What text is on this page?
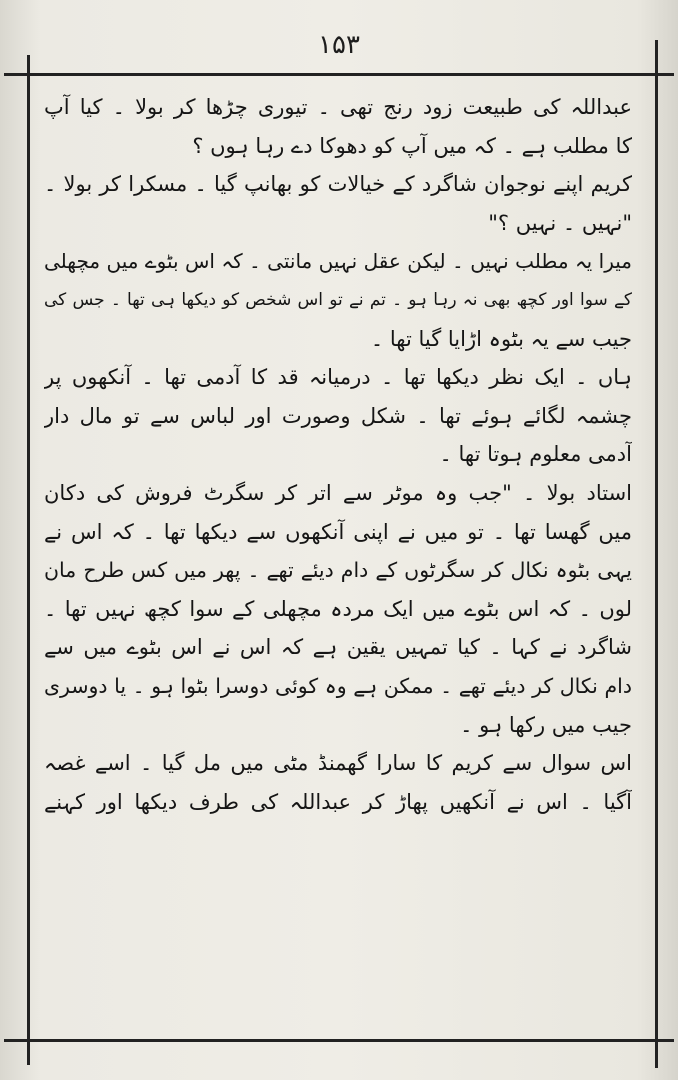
۱۵۳
عبداللہ کی طبیعت زود رنج تھی ۔ تیوری چڑھا کر بولا ۔ کیا آپ
کا مطلب ہے ۔ کہ میں آپ کو دھوکا دے رہا ہوں ؟
کریم اپنے نوجوان شاگرد کے خیالات کو بھانپ گیا ۔ مسکرا کر بولا ۔
"نہیں ۔ نہیں ؟"
میرا یہ مطلب نہیں ۔ لیکن عقل نہیں مانتی ۔ کہ اس بٹوے میں مچھلی
کے سوا اور کچھ بھی نہ رہا ہو ۔ تم نے تو اس شخص کو دیکھا ہی تھا ۔ جس کی
جیب سے یہ بٹوہ اڑایا گیا تھا ۔
ہاں ۔ ایک نظر دیکھا تھا ۔ درمیانہ قد کا آدمی تھا ۔ آنکھوں پر
چشمہ لگائے ہوئے تھا ۔ شکل وصورت اور لباس سے تو مال دار
آدمی معلوم ہوتا تھا ۔
استاد بولا ۔ "جب وہ موٹر سے اتر کر سگرٹ فروش کی دکان
میں گھسا تھا ۔ تو میں نے اپنی آنکھوں سے دیکھا تھا ۔ کہ اس نے
یہی بٹوہ نکال کر سگرٹوں کے دام دیئے تھے ۔ پھر میں کس طرح مان
لوں ۔ کہ اس بٹوے میں ایک مردہ مچھلی کے سوا کچھ نہیں تھا ۔
شاگرد نے کہا ۔ کیا تمہیں یقین ہے کہ اس نے اس بٹوے میں سے
دام نکال کر دیئے تھے ۔ ممکن ہے وہ کوئی دوسرا بٹوا ہو ۔ یا دوسری
جیب میں رکھا ہو ۔
اس سوال سے کریم کا سارا گھمنڈ مٹی میں مل گیا ۔ اسے غصہ
آگیا ۔ اس نے آنکھیں پھاڑ کر عبداللہ کی طرف دیکھا اور کہنے
